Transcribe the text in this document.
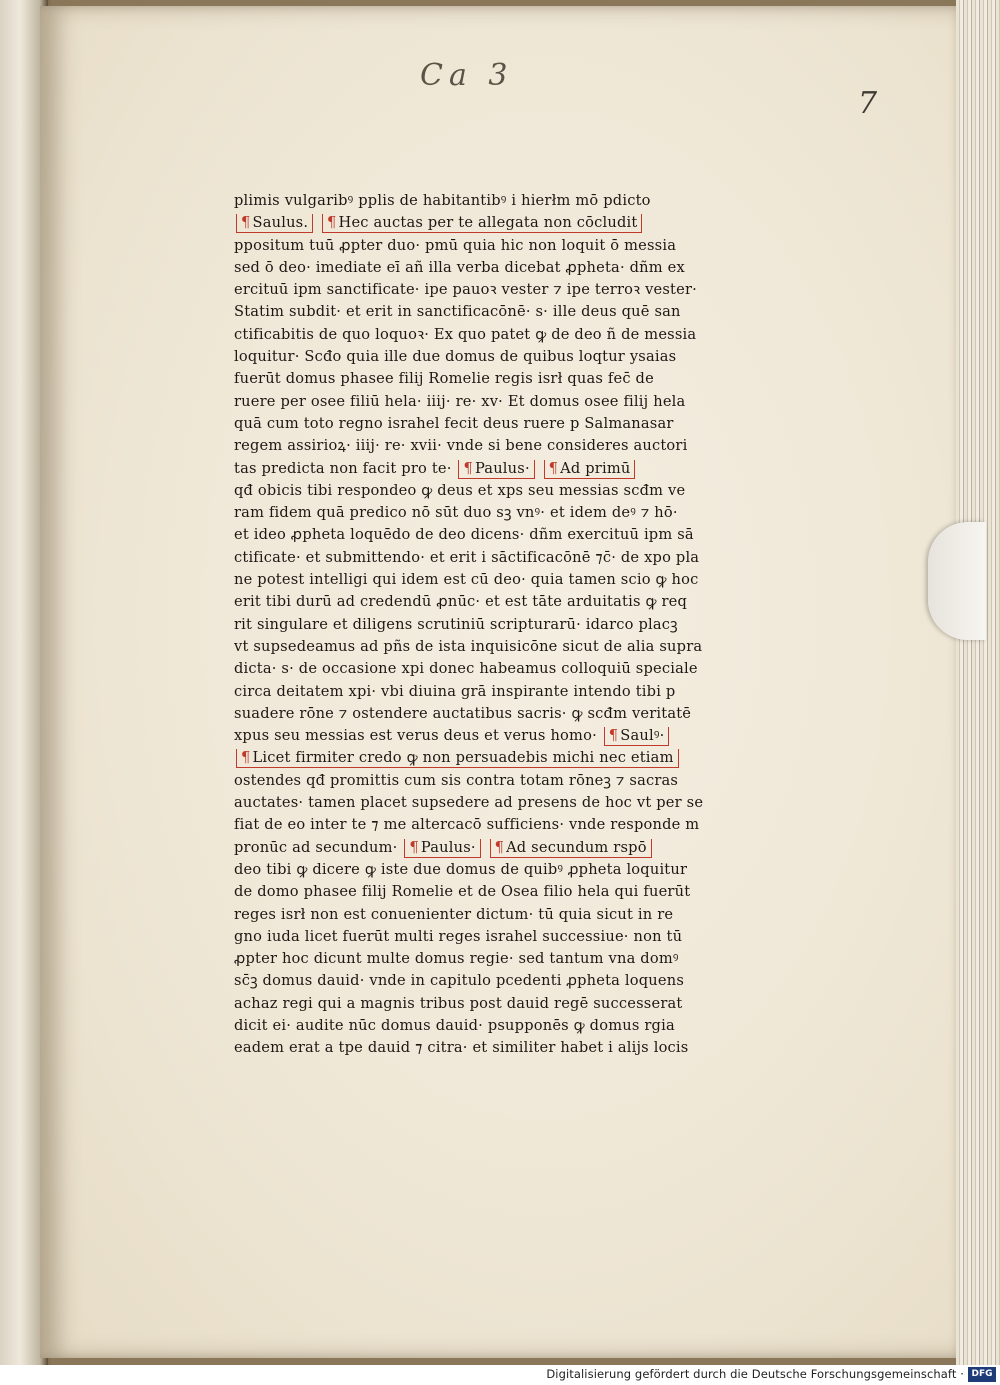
Ca 3
7
plimis vulgaribꝰ pplis de habitantibꝰ i hierłm mō pdicto
¶ Saulus. ¶ Hec auctas per te allegata non cōcludit
ppositum tuū ꝓpter duo· pmū quia hic non loquit ō messia
sed ō deo· imediate eī añ illa verba dicebat ꝓpheta· dñm ex
ercituū ipm sanctificate· ipe pauoꝛ vester ⁊ ipe terroꝛ vester·
Statim subdit· et erit in sanctificacōnē· s· ille deus quē san
ctificabitis de quo loquoꝛ· Ex quo patet ꝙ de deo ñ de messia
loquitur· Scđo quia ille due domus de quibus loqtur ysaias
fuerūt domus phasee filij Romelie regis isrł quas fec̄ de
ruere per osee filiū hela· iiij· re· xv· Et domus osee filij hela
quā cum toto regno israhel fecit deus ruere p Salmanasar
regem assirioꝝ· iiij· re· xvii· vnde si bene consideres auctori
tas predicta non facit pro te· ¶ Paulus· ¶ Ad primū
qđ obicis tibi respondeo ꝙ deus et xps seu messias scđm ve
ram fidem quā predico nō sūt duo sꝫ vnꝰ· et idem deꝰ ⁊ hō·
et ideo ꝓpheta loquēdo de deo dicens· dñm exercituū ipm sā
ctificate· et submittendo· et erit i sāctificacōnē ⁊c̄· de xpo pla
ne potest intelligi qui idem est cū deo· quia tamen scio ꝙ hoc
erit tibi durū ad credendū ꝓnūc· et est tāte arduitatis ꝙ req
rit singulare et diligens scrutiniū scripturarū· idarco placꝫ
vt supsedeamus ad pñs de ista inquisicōne sicut de alia supra
dicta· s· de occasione xpi donec habeamus colloquiū speciale
circa deitatem xpi· vbi diuina grā inspirante intendo tibi p
suadere rōne ⁊ ostendere auctatibus sacris· ꝙ scđm veritatē
xpus seu messias est verus deus et verus homo· ¶ Saulꝰ·
¶ Licet firmiter credo ꝙ non persuadebis michi nec etiam
ostendes qđ promittis cum sis contra totam rōneꝫ ⁊ sacras
auctates· tamen placet supsedere ad presens de hoc vt per se
fiat de eo inter te ⁊ me altercacō sufficiens· vnde responde m
pronūc ad secundum· ¶ Paulus· ¶ Ad secundum rspō
deo tibi ꝙ dicere ꝙ iste due domus de quibꝰ ꝓpheta loquitur
de domo phasee filij Romelie et de Osea filio hela qui fuerūt
reges isrł non est conuenienter dictum· tū quia sicut in re
gno iuda licet fuerūt multi reges israhel successiue· non tū
ꝓpter hoc dicunt multe domus regie· sed tantum vna domꝰ
sc̄ꝫ domus dauid· vnde in capitulo pcedenti ꝓpheta loquens
achaz regi qui a magnis tribus post dauid regē successerat
dicit ei· audite nūc domus dauid· psupponēs ꝙ domus rgia
eadem erat a tpe dauid ⁊ citra· et similiter habet i alijs locis
Digitalisierung gefördert durch die Deutsche Forschungsgemeinschaft · DFG
